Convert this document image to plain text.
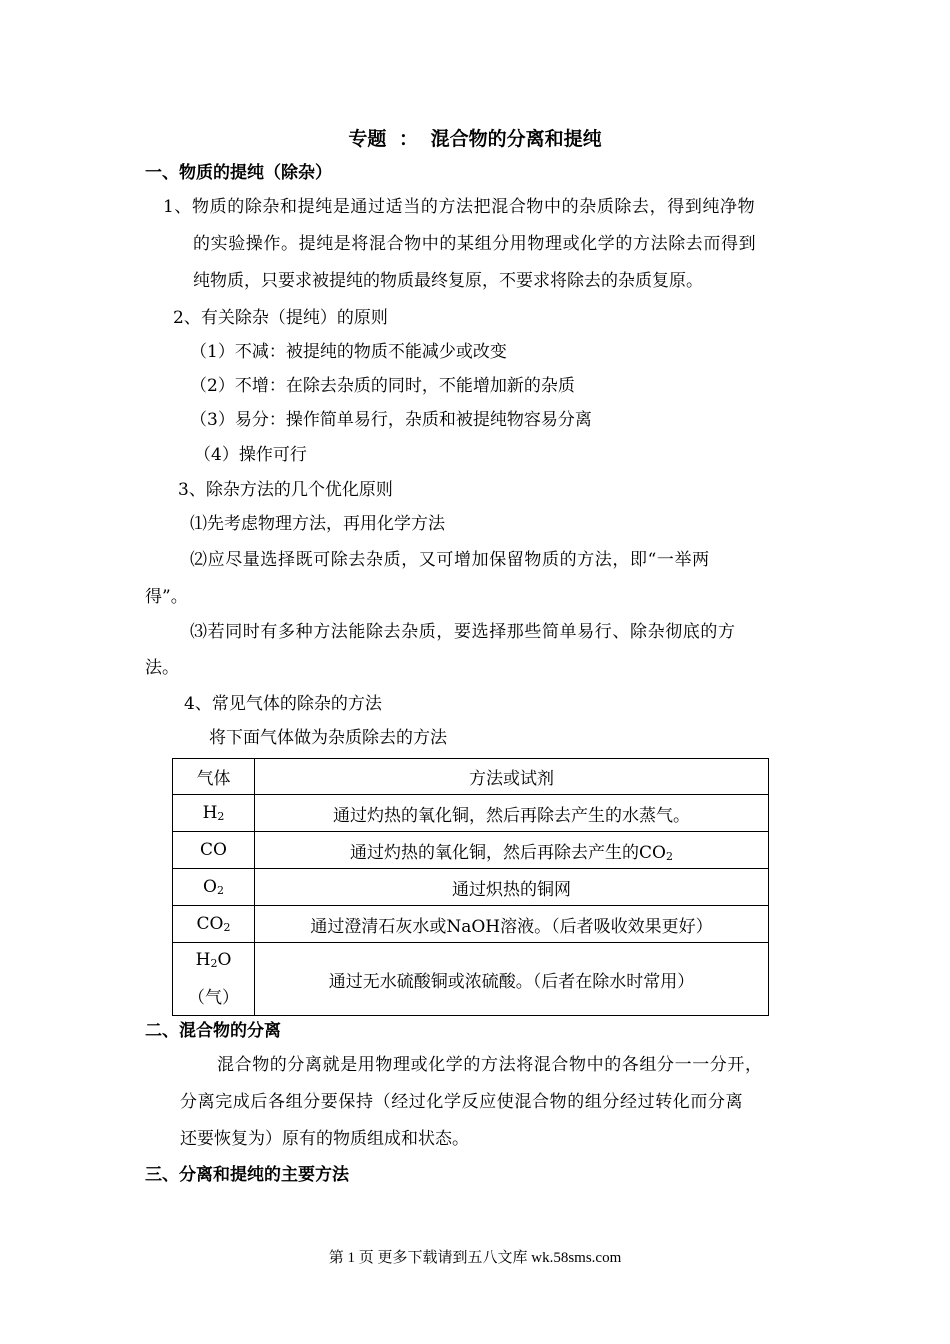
专题 ： 混合物的分离和提纯
一、物质的提纯（除杂）
1、物质的除杂和提纯是通过适当的方法把混合物中的杂质除去，得到纯净物
的实验操作。提纯是将混合物中的某组分用物理或化学的方法除去而得到
纯物质，只要求被提纯的物质最终复原，不要求将除去的杂质复原。
2、有关除杂（提纯）的原则
（1）不减：被提纯的物质不能减少或改变
（2）不增：在除去杂质的同时，不能增加新的杂质
（3）易分：操作简单易行，杂质和被提纯物容易分离
（4）操作可行
3、除杂方法的几个优化原则
⑴先考虑物理方法，再用化学方法
⑵应尽量选择既可除去杂质，又可增加保留物质的方法，即“一举两
得”。
⑶若同时有多种方法能除去杂质，要选择那些简单易行、除杂彻底的方
法。
4、常见气体的除杂的方法
将下面气体做为杂质除去的方法
气体	方法或试剂
$H_2$	通过灼热的氧化铜，然后再除去产生的水蒸气。
CO	通过灼热的氧化铜，然后再除去产生的$CO_2$
$O_2$	通过炽热的铜网
$CO_2$	通过澄清石灰水或NaOH溶液。（后者吸收效果更好）
$H_2O$
（气）	通过无水硫酸铜或浓硫酸。（后者在除水时常用）
二、混合物的分离
混合物的分离就是用物理或化学的方法将混合物中的各组分一一分开，
分离完成后各组分要保持（经过化学反应使混合物的组分经过转化而分离
还要恢复为）原有的物质组成和状态。
三、分离和提纯的主要方法
第 1 页 更多下载请到五八文库 wk.58sms.com
